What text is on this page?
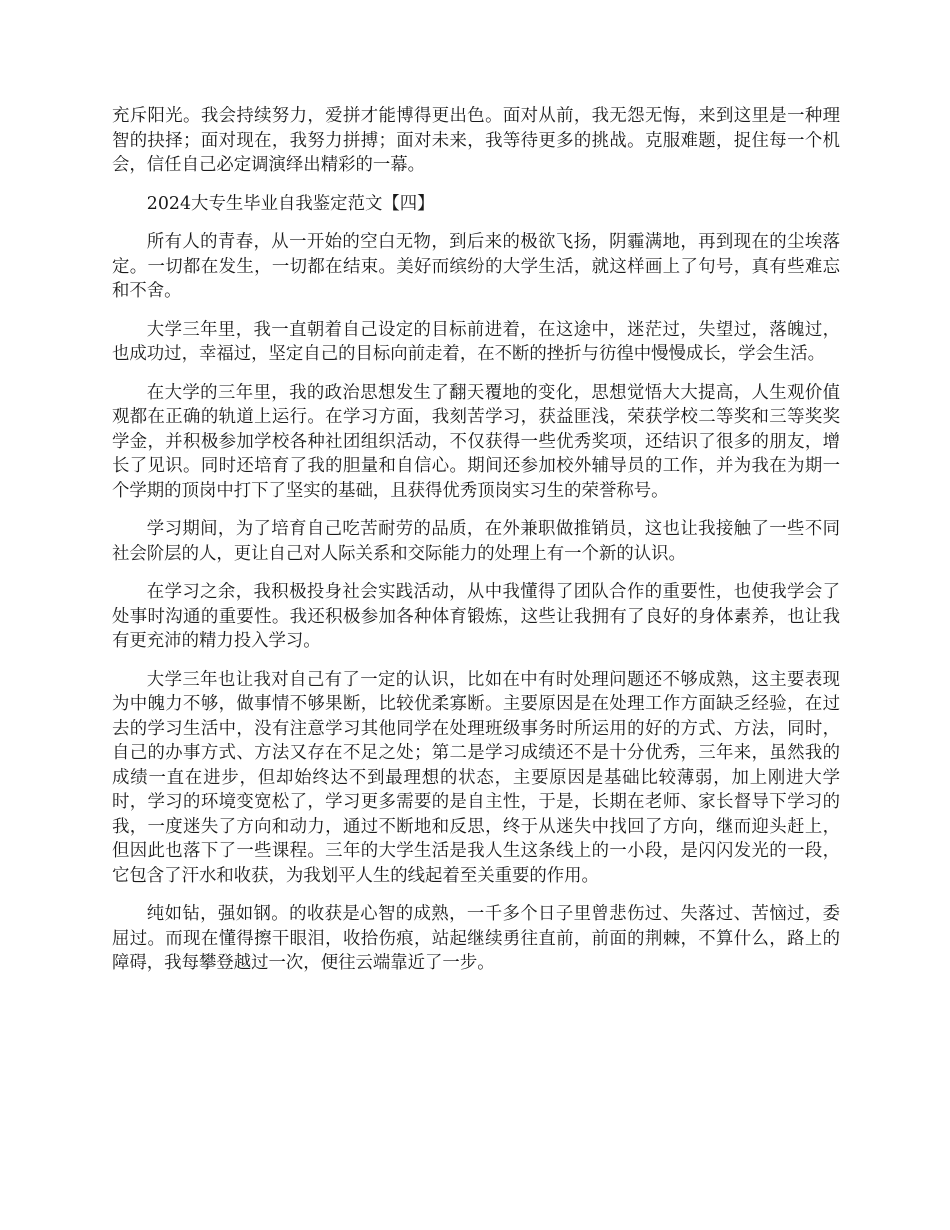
充斥阳光。我会持续努力，爱拼才能博得更出色。面对从前，我无怨无悔，来到这里是一种理智的抉择；面对现在，我努力拼搏；面对未来，我等待更多的挑战。克服难题，捉住每一个机会，信任自己必定调演绎出精彩的一幕。

2024大专生毕业自我鉴定范文【四】

所有人的青春，从一开始的空白无物，到后来的极欲飞扬，阴霾满地，再到现在的尘埃落定。一切都在发生，一切都在结束。美好而缤纷的大学生活，就这样画上了句号，真有些难忘和不舍。

大学三年里，我一直朝着自己设定的目标前进着，在这途中，迷茫过，失望过，落魄过，也成功过，幸福过，坚定自己的目标向前走着，在不断的挫折与彷徨中慢慢成长，学会生活。

在大学的三年里，我的政治思想发生了翻天覆地的变化，思想觉悟大大提高，人生观价值观都在正确的轨道上运行。在学习方面，我刻苦学习，获益匪浅，荣获学校二等奖和三等奖奖学金，并积极参加学校各种社团组织活动，不仅获得一些优秀奖项，还结识了很多的朋友，增长了见识。同时还培育了我的胆量和自信心。期间还参加校外辅导员的工作，并为我在为期一个学期的顶岗中打下了坚实的基础，且获得优秀顶岗实习生的荣誉称号。

学习期间，为了培育自己吃苦耐劳的品质，在外兼职做推销员，这也让我接触了一些不同社会阶层的人，更让自己对人际关系和交际能力的处理上有一个新的认识。

在学习之余，我积极投身社会实践活动，从中我懂得了团队合作的重要性，也使我学会了处事时沟通的重要性。我还积极参加各种体育锻炼，这些让我拥有了良好的身体素养，也让我有更充沛的精力投入学习。

大学三年也让我对自己有了一定的认识，比如在中有时处理问题还不够成熟，这主要表现为中魄力不够，做事情不够果断，比较优柔寡断。主要原因是在处理工作方面缺乏经验，在过去的学习生活中，没有注意学习其他同学在处理班级事务时所运用的好的方式、方法，同时，自己的办事方式、方法又存在不足之处；第二是学习成绩还不是十分优秀，三年来，虽然我的成绩一直在进步，但却始终达不到最理想的状态，主要原因是基础比较薄弱，加上刚进大学时，学习的环境变宽松了，学习更多需要的是自主性，于是，长期在老师、家长督导下学习的我，一度迷失了方向和动力，通过不断地和反思，终于从迷失中找回了方向，继而迎头赶上，但因此也落下了一些课程。三年的大学生活是我人生这条线上的一小段，是闪闪发光的一段，它包含了汗水和收获，为我划平人生的线起着至关重要的作用。

纯如钻，强如钢。的收获是心智的成熟，一千多个日子里曾悲伤过、失落过、苦恼过，委屈过。而现在懂得擦干眼泪，收拾伤痕，站起继续勇往直前，前面的荆棘，不算什么，路上的障碍，我每攀登越过一次，便往云端靠近了一步。
